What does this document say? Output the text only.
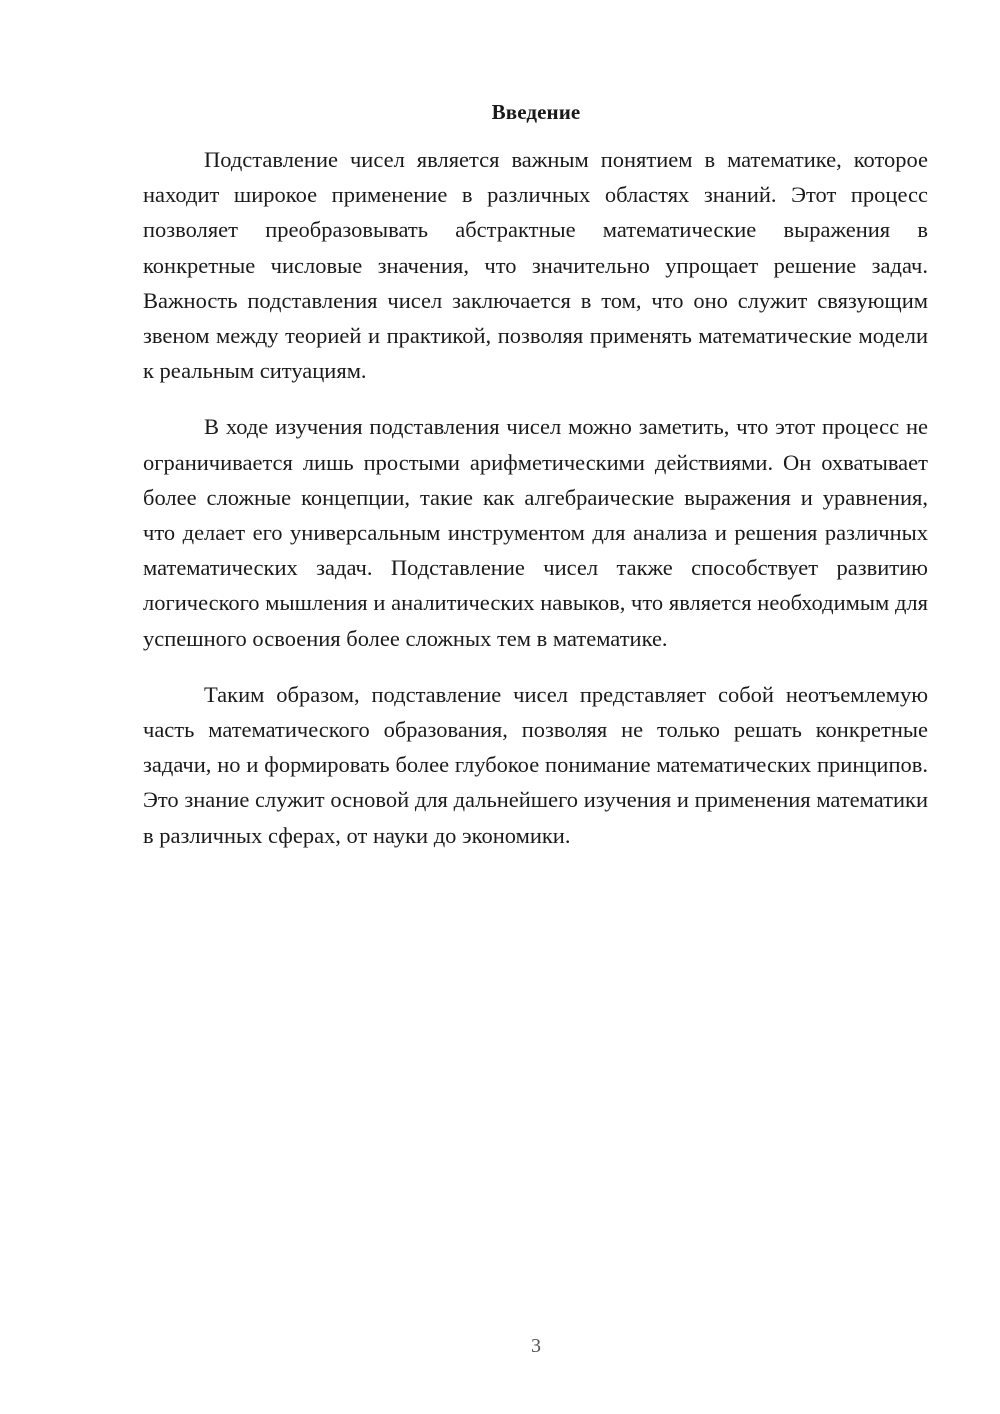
Введение

Подставление чисел является важным понятием в математике, которое находит широкое применение в различных областях знаний. Этот процесс позволяет преобразовывать абстрактные математические выражения в конкретные числовые значения, что значительно упрощает решение задач. Важность подставления чисел заключается в том, что оно служит связующим звеном между теорией и практикой, позволяя применять математические модели к реальным ситуациям.

В ходе изучения подставления чисел можно заметить, что этот процесс не ограничивается лишь простыми арифметическими действиями. Он охватывает более сложные концепции, такие как алгебраические выражения и уравнения, что делает его универсальным инструментом для анализа и решения различных математических задач. Подставление чисел также способствует развитию логического мышления и аналитических навыков, что является необходимым для успешного освоения более сложных тем в математике.

Таким образом, подставление чисел представляет собой неотъемлемую часть математического образования, позволяя не только решать конкретные задачи, но и формировать более глубокое понимание математических принципов. Это знание служит основой для дальнейшего изучения и применения математики в различных сферах, от науки до экономики.

3
